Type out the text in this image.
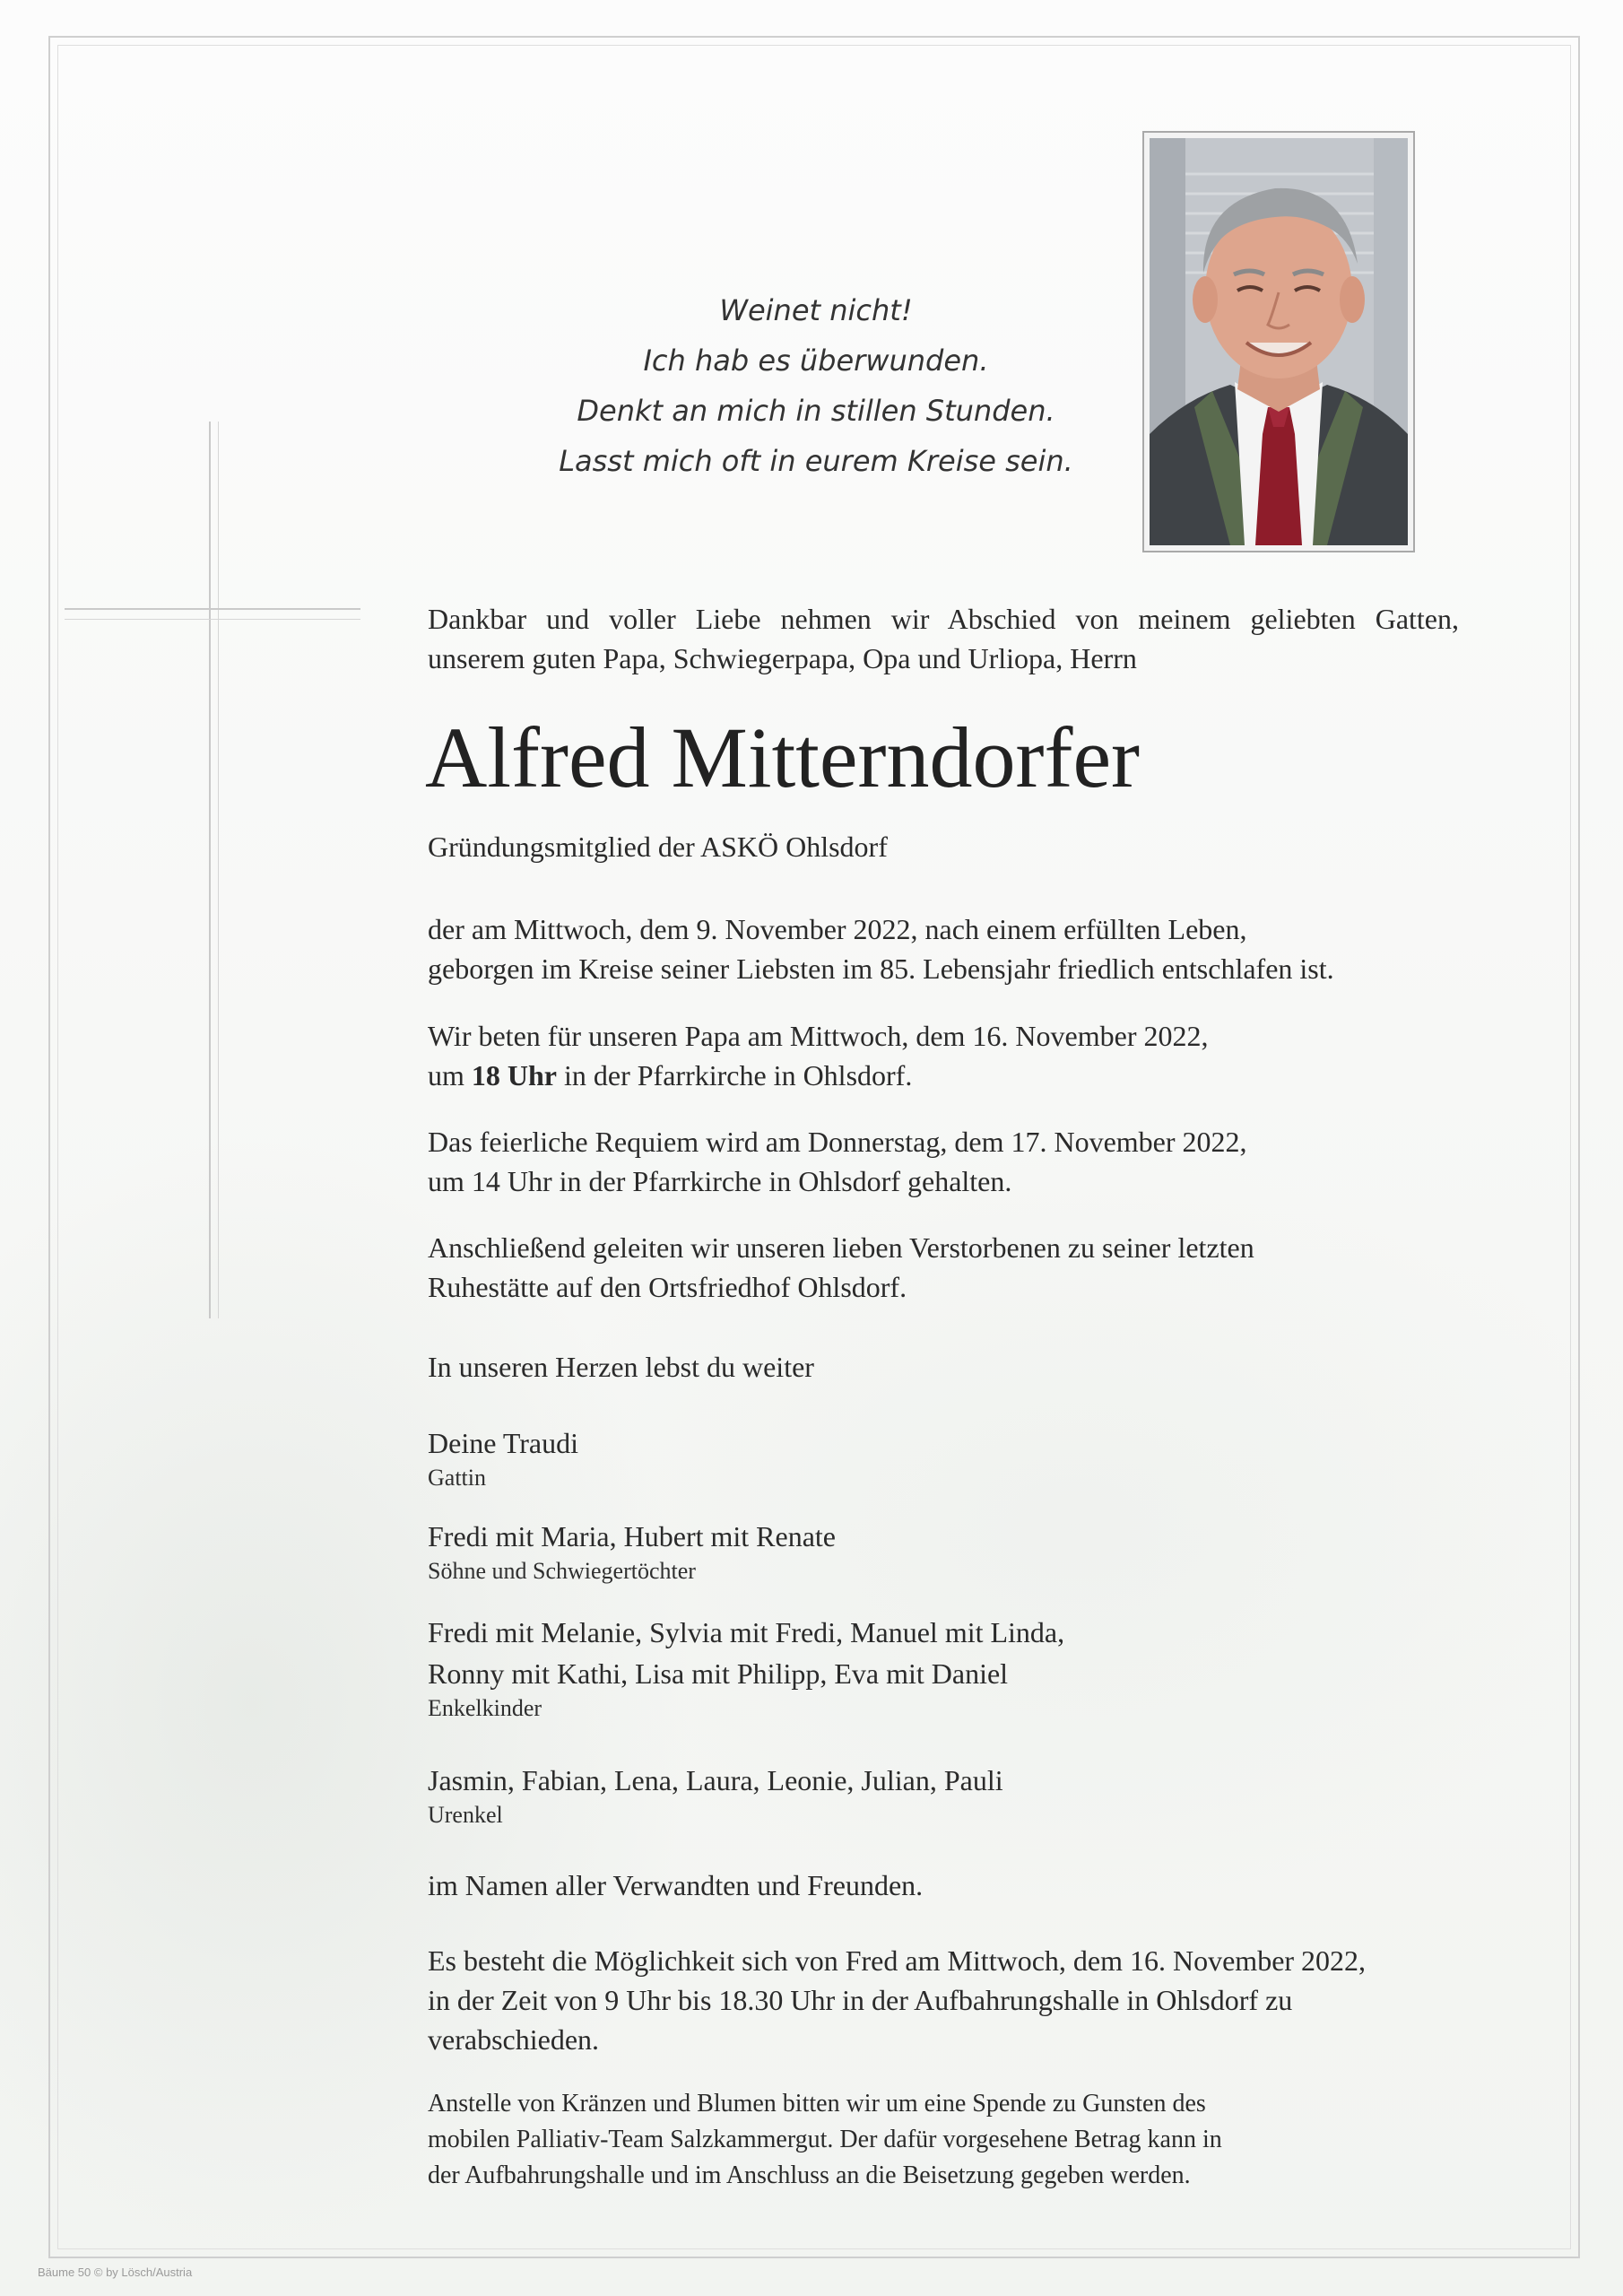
Weinet nicht!
Ich hab es überwunden.
Denkt an mich in stillen Stunden.
Lasst mich oft in eurem Kreise sein.
Dankbar und voller Liebe nehmen wir Abschied von meinem geliebten Gatten,
unserem guten Papa, Schwiegerpapa, Opa und Urliopa, Herrn
Alfred Mitterndorfer
Gründungsmitglied der ASKÖ Ohlsdorf
der am Mittwoch, dem 9. November 2022, nach einem erfüllten Leben,
geborgen im Kreise seiner Liebsten im 85. Lebensjahr friedlich entschlafen ist.
Wir beten für unseren Papa am Mittwoch, dem 16. November 2022,
um 18 Uhr in der Pfarrkirche in Ohlsdorf.
Das feierliche Requiem wird am Donnerstag, dem 17. November 2022,
um 14 Uhr in der Pfarrkirche in Ohlsdorf gehalten.
Anschließend geleiten wir unseren lieben Verstorbenen zu seiner letzten
Ruhestätte auf den Ortsfriedhof Ohlsdorf.
In unseren Herzen lebst du weiter
Deine Traudi
Gattin
Fredi mit Maria, Hubert mit Renate
Söhne und Schwiegertöchter
Fredi mit Melanie, Sylvia mit Fredi, Manuel mit Linda,
Ronny mit Kathi, Lisa mit Philipp, Eva mit Daniel
Enkelkinder
Jasmin, Fabian, Lena, Laura, Leonie, Julian, Pauli
Urenkel
im Namen aller Verwandten und Freunden.
Es besteht die Möglichkeit sich von Fred am Mittwoch, dem 16. November 2022,
in der Zeit von 9 Uhr bis 18.30 Uhr in der Aufbahrungshalle in Ohlsdorf zu
verabschieden.
Anstelle von Kränzen und Blumen bitten wir um eine Spende zu Gunsten des
mobilen Palliativ-Team Salzkammergut. Der dafür vorgesehene Betrag kann in
der Aufbahrungshalle und im Anschluss an die Beisetzung gegeben werden.
Bäume 50 © by Lösch/Austria
